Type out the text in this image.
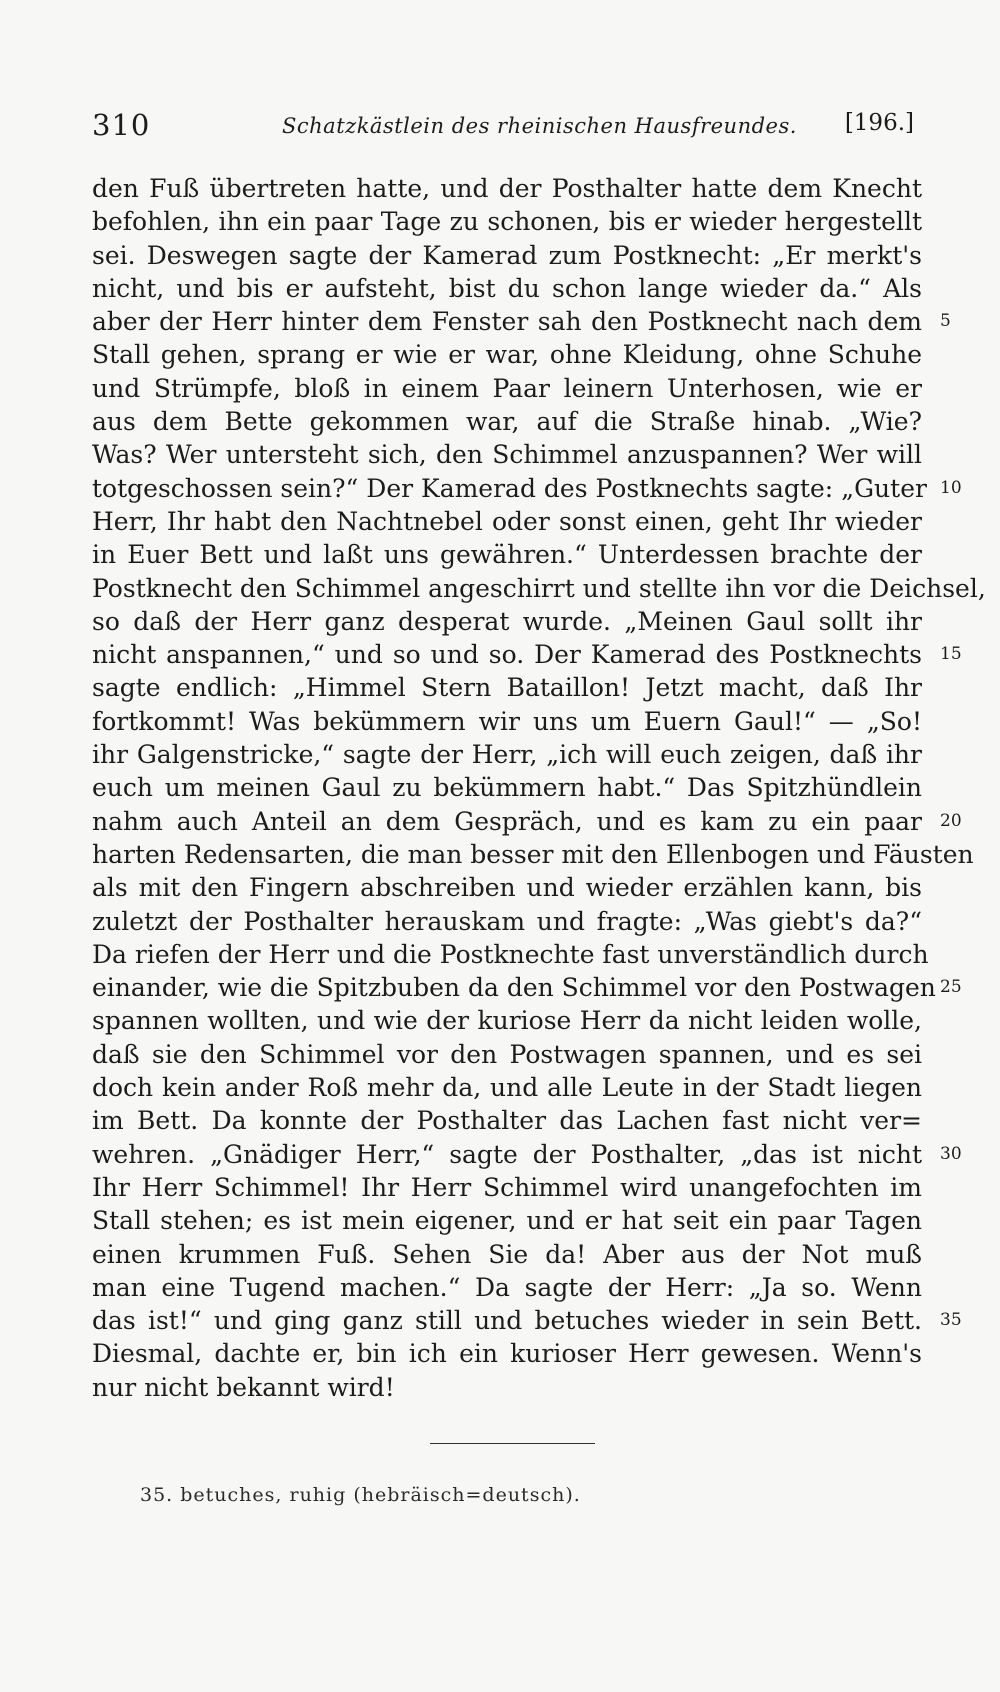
310	Schatzkästlein des rheinischen Hausfreundes. [196.]
den Fuß übertreten hatte, und der Posthalter hatte dem Knecht
befohlen, ihn ein paar Tage zu schonen, bis er wieder hergestellt
sei. Deswegen sagte der Kamerad zum Postknecht: „Er merkt's
nicht, und bis er aufsteht, bist du schon lange wieder da.“ Als
aber der Herr hinter dem Fenster sah den Postknecht nach dem 5
Stall gehen, sprang er wie er war, ohne Kleidung, ohne Schuhe
und Strümpfe, bloß in einem Paar leinern Unterhosen, wie er
aus dem Bette gekommen war, auf die Straße hinab. „Wie?
Was? Wer untersteht sich, den Schimmel anzuspannen? Wer will
totgeschossen sein?“ Der Kamerad des Postknechts sagte: „Guter 10
Herr, Ihr habt den Nachtnebel oder sonst einen, geht Ihr wieder
in Euer Bett und laßt uns gewähren.“ Unterdessen brachte der
Postknecht den Schimmel angeschirrt und stellte ihn vor die Deichsel,
so daß der Herr ganz desperat wurde. „Meinen Gaul sollt ihr
nicht anspannen,“ und so und so. Der Kamerad des Postknechts 15
sagte endlich: „Himmel Stern Bataillon! Jetzt macht, daß Ihr
fortkommt! Was bekümmern wir uns um Euern Gaul!“ — „So!
ihr Galgenstricke,“ sagte der Herr, „ich will euch zeigen, daß ihr
euch um meinen Gaul zu bekümmern habt.“ Das Spitzhündlein
nahm auch Anteil an dem Gespräch, und es kam zu ein paar 20
harten Redensarten, die man besser mit den Ellenbogen und Fäusten
als mit den Fingern abschreiben und wieder erzählen kann, bis
zuletzt der Posthalter herauskam und fragte: „Was giebt's da?“
Da riefen der Herr und die Postknechte fast unverständlich durch
einander, wie die Spitzbuben da den Schimmel vor den Postwagen 25
spannen wollten, und wie der kuriose Herr da nicht leiden wolle,
daß sie den Schimmel vor den Postwagen spannen, und es sei
doch kein ander Roß mehr da, und alle Leute in der Stadt liegen
im Bett. Da konnte der Posthalter das Lachen fast nicht ver=
wehren. „Gnädiger Herr,“ sagte der Posthalter, „das ist nicht 30
Ihr Herr Schimmel! Ihr Herr Schimmel wird unangefochten im
Stall stehen; es ist mein eigener, und er hat seit ein paar Tagen
einen krummen Fuß. Sehen Sie da! Aber aus der Not muß
man eine Tugend machen.“ Da sagte der Herr: „Ja so. Wenn
das ist!“ und ging ganz still und betuches wieder in sein Bett. 35
Diesmal, dachte er, bin ich ein kurioser Herr gewesen. Wenn's
nur nicht bekannt wird!
35. betuches, ruhig (hebräisch=deutsch).
